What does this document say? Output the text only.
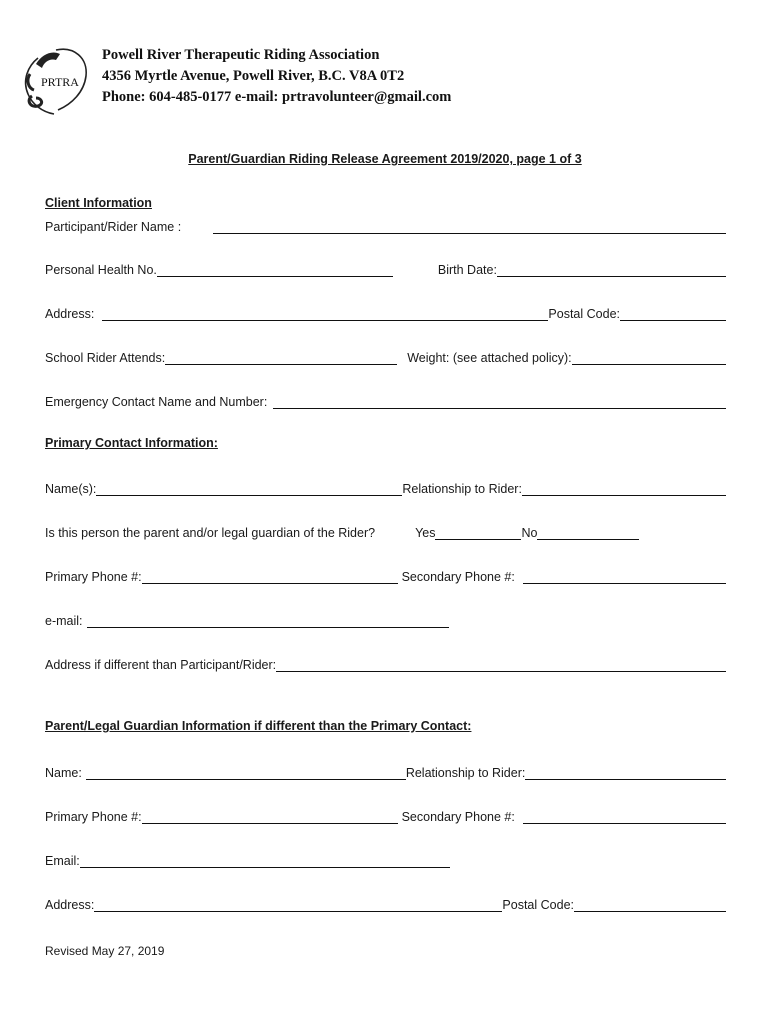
PRTRA
Powell River Therapeutic Riding Association
4356 Myrtle Avenue, Powell River, B.C. V8A 0T2
Phone: 604-485-0177 e-mail: prtravolunteer@gmail.com
Parent/Guardian Riding Release Agreement 2019/2020, page 1 of 3
Client Information
Participant/Rider Name :
Personal Health No.	Birth Date:
Address:	Postal Code:
School Rider Attends:	Weight: (see attached policy):
Emergency Contact Name and Number:
Primary Contact Information:
Name(s):	Relationship to Rider:
Is this person the parent and/or legal guardian of the Rider?	Yes	No
Primary Phone #:	Secondary Phone #:
e-mail:
Address if different than Participant/Rider:
Parent/Legal Guardian Information if different than the Primary Contact:
Name:	Relationship to Rider:
Primary Phone #:	Secondary Phone #:
Email:
Address:	Postal Code:
Revised May 27, 2019
